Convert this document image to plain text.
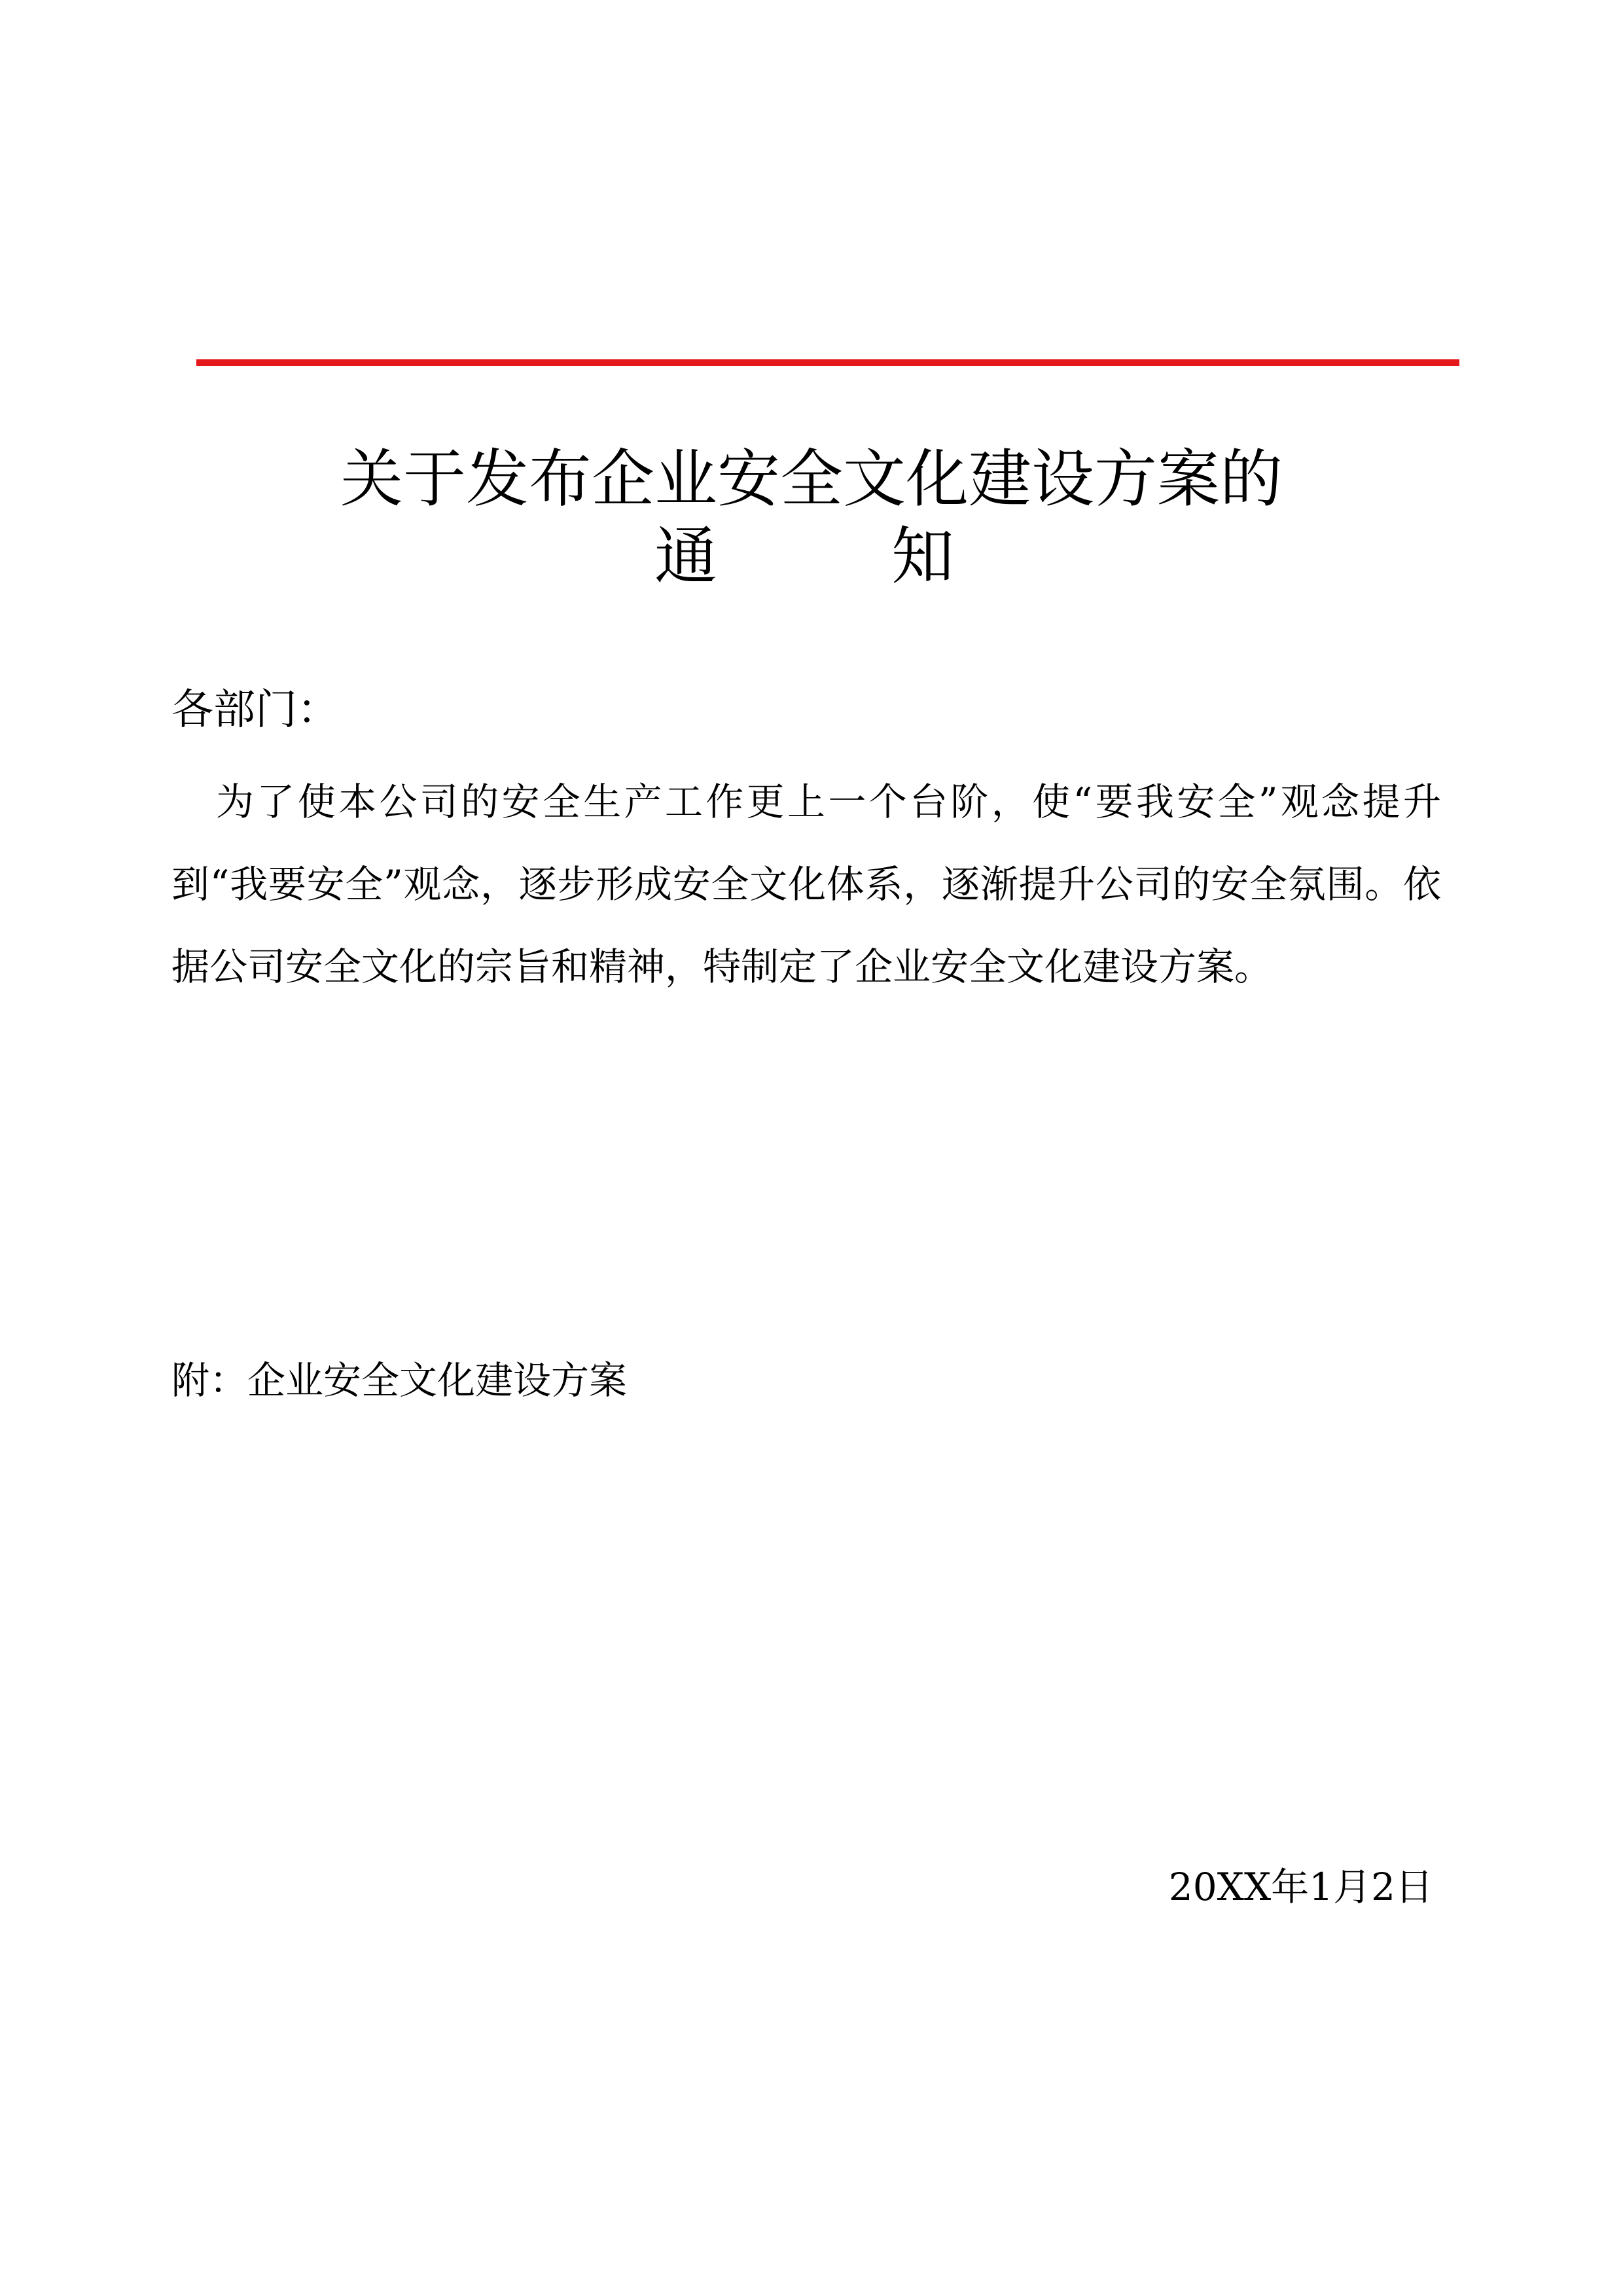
关于发布企业安全文化建设方案的
通	知
各部门：

为了使本公司的安全生产工作更上一个台阶，使“要我安全”观念提升到“我要安全”观念，逐步形成安全文化体系，逐渐提升公司的安全氛围。依据公司安全文化的宗旨和精神，特制定了企业安全文化建设方案。

附：企业安全文化建设方案
20XX年1月2日
